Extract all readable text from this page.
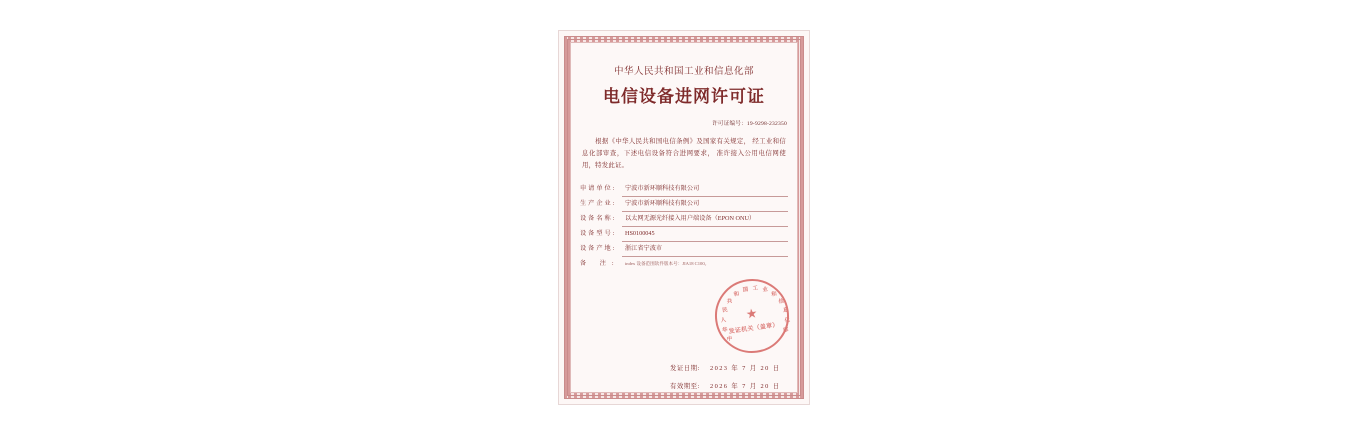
中华人民共和国工业和信息化部
电信设备进网许可证
许可证编号：19-9298-232350
根据《中华人民共和国电信条例》及国家有关规定， 经工业和信息化部审查，下述电信设备符合进网要求， 准许接入公用电信网使用，特发此证。
申请单位:	宁波市新环顺科技有限公司
生产企业:	宁波市新环顺科技有限公司
设备名称:	以太网无源光纤接入用户端设备（EPON ONU）
设备型号:	HS0100045
设备产地:	浙江省宁波市
备 注:	index 设备范围软件版本号：JIA18 C100。
中
华
人
民
共
和
国 工 业
和
信
息
化
部
★
发证机关（盖章）
发证日期:	2023 年 7 月 20 日
有效期至:	2026 年 7 月 20 日
